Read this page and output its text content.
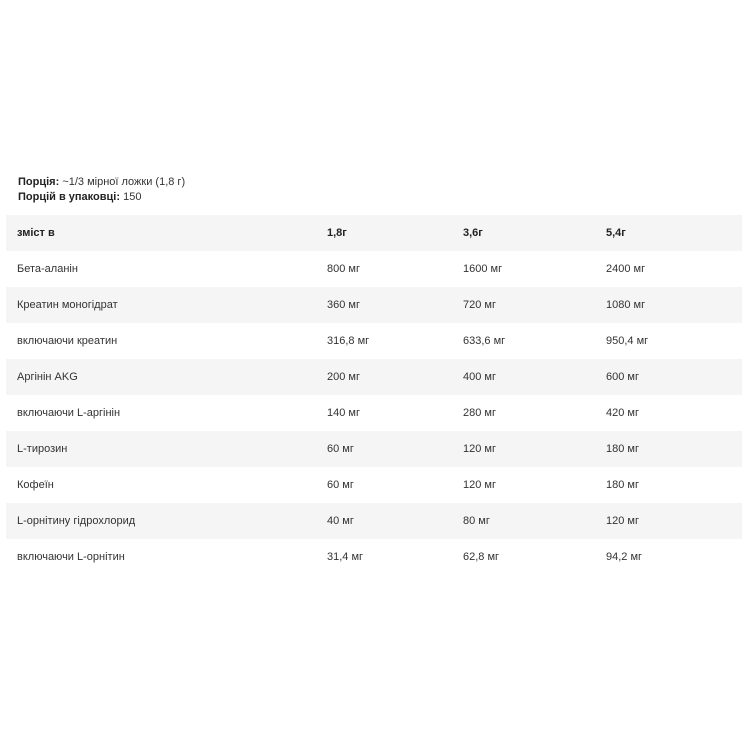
Порція: ~1/3 мірної ложки (1,8 г)
Порцій в упаковці: 150
зміст в	1,8г	3,6г	5,4г
Бета-аланін	800 мг	1600 мг	2400 мг
Креатин моногідрат	360 мг	720 мг	1080 мг
включаючи креатин	316,8 мг	633,6 мг	950,4 мг
Аргінін AKG	200 мг	400 мг	600 мг
включаючи L-аргінін	140 мг	280 мг	420 мг
L-тирозин	60 мг	120 мг	180 мг
Кофеїн	60 мг	120 мг	180 мг
L-орнітину гідрохлорид	40 мг	80 мг	120 мг
включаючи L-орнітин	31,4 мг	62,8 мг	94,2 мг
